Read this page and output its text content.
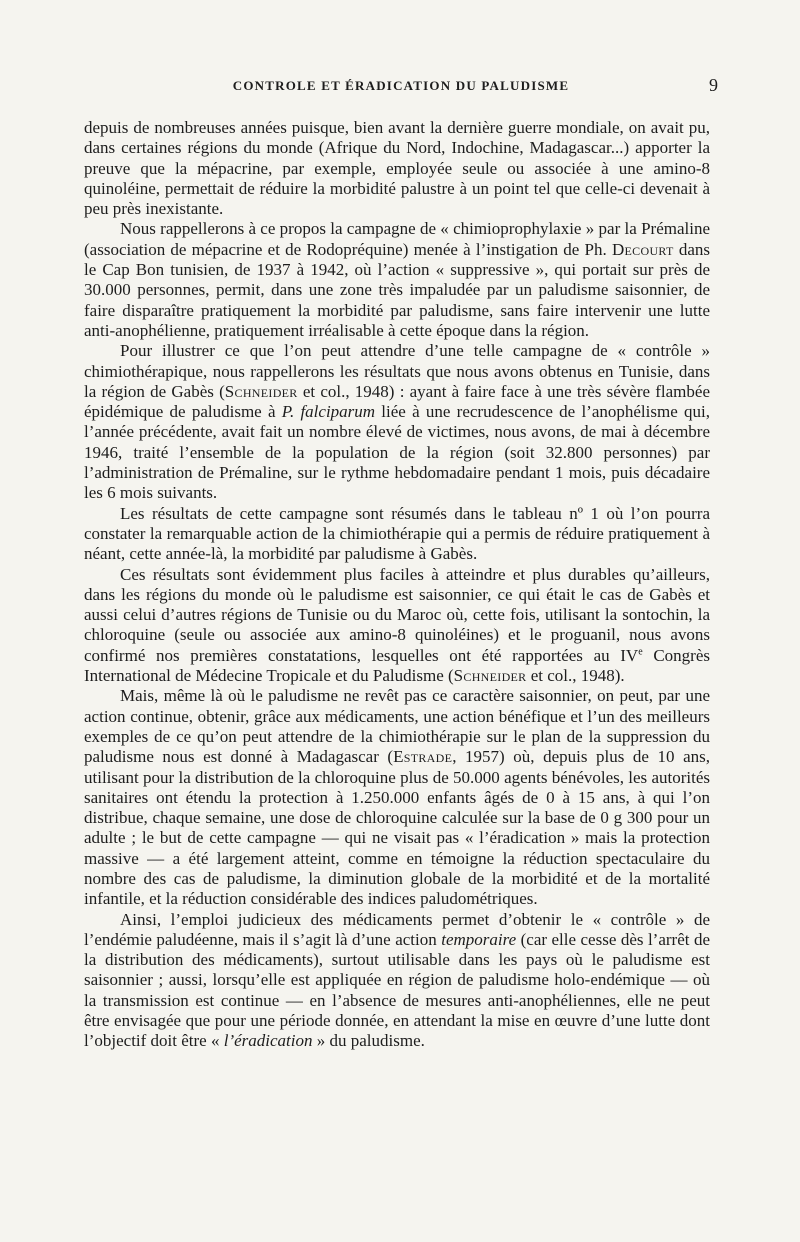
CONTROLE ET ÉRADICATION DU PALUDISME	9

depuis de nombreuses années puisque, bien avant la dernière guerre mondiale, on avait pu, dans certaines régions du monde (Afrique du Nord, Indochine, Madagascar...) apporter la preuve que la mépacrine, par exemple, employée seule ou associée à une amino-8 quinoléine, permettait de réduire la morbidité palustre à un point tel que celle-ci devenait à peu près inexistante.

Nous rappellerons à ce propos la campagne de « chimioprophylaxie » par la Prémaline (association de mépacrine et de Rodopréquine) menée à l’instigation de Ph. Decourt dans le Cap Bon tunisien, de 1937 à 1942, où l’action « suppressive », qui portait sur près de 30.000 personnes, permit, dans une zone très impaludée par un paludisme saisonnier, de faire disparaître pratiquement la morbidité par paludisme, sans faire intervenir une lutte anti-anophélienne, pratiquement irréalisable à cette époque dans la région.

Pour illustrer ce que l’on peut attendre d’une telle campagne de « contrôle » chimiothérapique, nous rappellerons les résultats que nous avons obtenus en Tunisie, dans la région de Gabès (Schneider et col., 1948) : ayant à faire face à une très sévère flambée épidémique de paludisme à P. falciparum liée à une recrudescence de l’anophélisme qui, l’année précédente, avait fait un nombre élevé de victimes, nous avons, de mai à décembre 1946, traité l’ensemble de la population de la région (soit 32.800 personnes) par l’administration de Prémaline, sur le rythme hebdomadaire pendant 1 mois, puis décadaire les 6 mois suivants.

Les résultats de cette campagne sont résumés dans le tableau nº 1 où l’on pourra constater la remarquable action de la chimiothérapie qui a permis de réduire pratiquement à néant, cette année-là, la morbidité par paludisme à Gabès.

Ces résultats sont évidemment plus faciles à atteindre et plus durables qu’ailleurs, dans les régions du monde où le paludisme est saisonnier, ce qui était le cas de Gabès et aussi celui d’autres régions de Tunisie ou du Maroc où, cette fois, utilisant la sontochin, la chloroquine (seule ou associée aux amino-8 quinoléines) et le proguanil, nous avons confirmé nos premières constatations, lesquelles ont été rapportées au IVe Congrès International de Médecine Tropicale et du Paludisme (Schneider et col., 1948).

Mais, même là où le paludisme ne revêt pas ce caractère saisonnier, on peut, par une action continue, obtenir, grâce aux médicaments, une action bénéfique et l’un des meilleurs exemples de ce qu’on peut attendre de la chimiothérapie sur le plan de la suppression du paludisme nous est donné à Madagascar (Estrade, 1957) où, depuis plus de 10 ans, utilisant pour la distribution de la chloroquine plus de 50.000 agents bénévoles, les autorités sanitaires ont étendu la protection à 1.250.000 enfants âgés de 0 à 15 ans, à qui l’on distribue, chaque semaine, une dose de chloroquine calculée sur la base de 0 g 300 pour un adulte ; le but de cette campagne — qui ne visait pas « l’éradication » mais la protection massive — a été largement atteint, comme en témoigne la réduction spectaculaire du nombre des cas de paludisme, la diminution globale de la morbidité et de la mortalité infantile, et la réduction considérable des indices paludométriques.

Ainsi, l’emploi judicieux des médicaments permet d’obtenir le « contrôle » de l’endémie paludéenne, mais il s’agit là d’une action temporaire (car elle cesse dès l’arrêt de la distribution des médicaments), surtout utilisable dans les pays où le paludisme est saisonnier ; aussi, lorsqu’elle est appliquée en région de paludisme holo-endémique — où la transmission est continue — en l’absence de mesures anti-anophéliennes, elle ne peut être envisagée que pour une période donnée, en attendant la mise en œuvre d’une lutte dont l’objectif doit être « l’éradication » du paludisme.
